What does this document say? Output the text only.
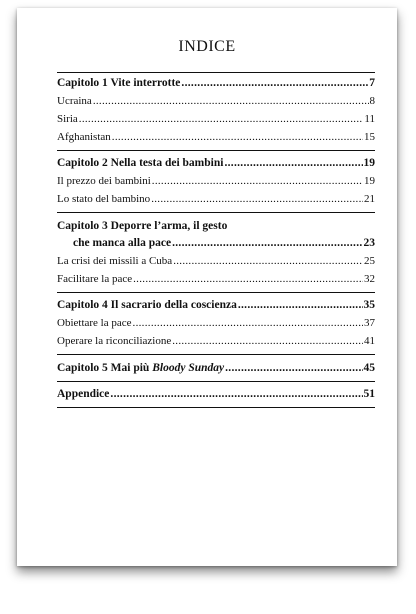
INDICE
Capitolo 1 Vite interrotte .....	7
Ucraina .....	8
Siria .....	11
Afghanistan .....	15
Capitolo 2 Nella testa dei bambini .....	19
Il prezzo dei bambini .....	19
Lo stato del bambino .....	21
Capitolo 3 Deporre l’arma, il gesto
che manca alla pace .....	23
La crisi dei missili a Cuba .....	25
Facilitare la pace .....	32
Capitolo 4 Il sacrario della coscienza .....	35
Obiettare la pace .....	37
Operare la riconciliazione .....	41
Capitolo 5 Mai più Bloody Sunday .....	45
Appendice .....	51
